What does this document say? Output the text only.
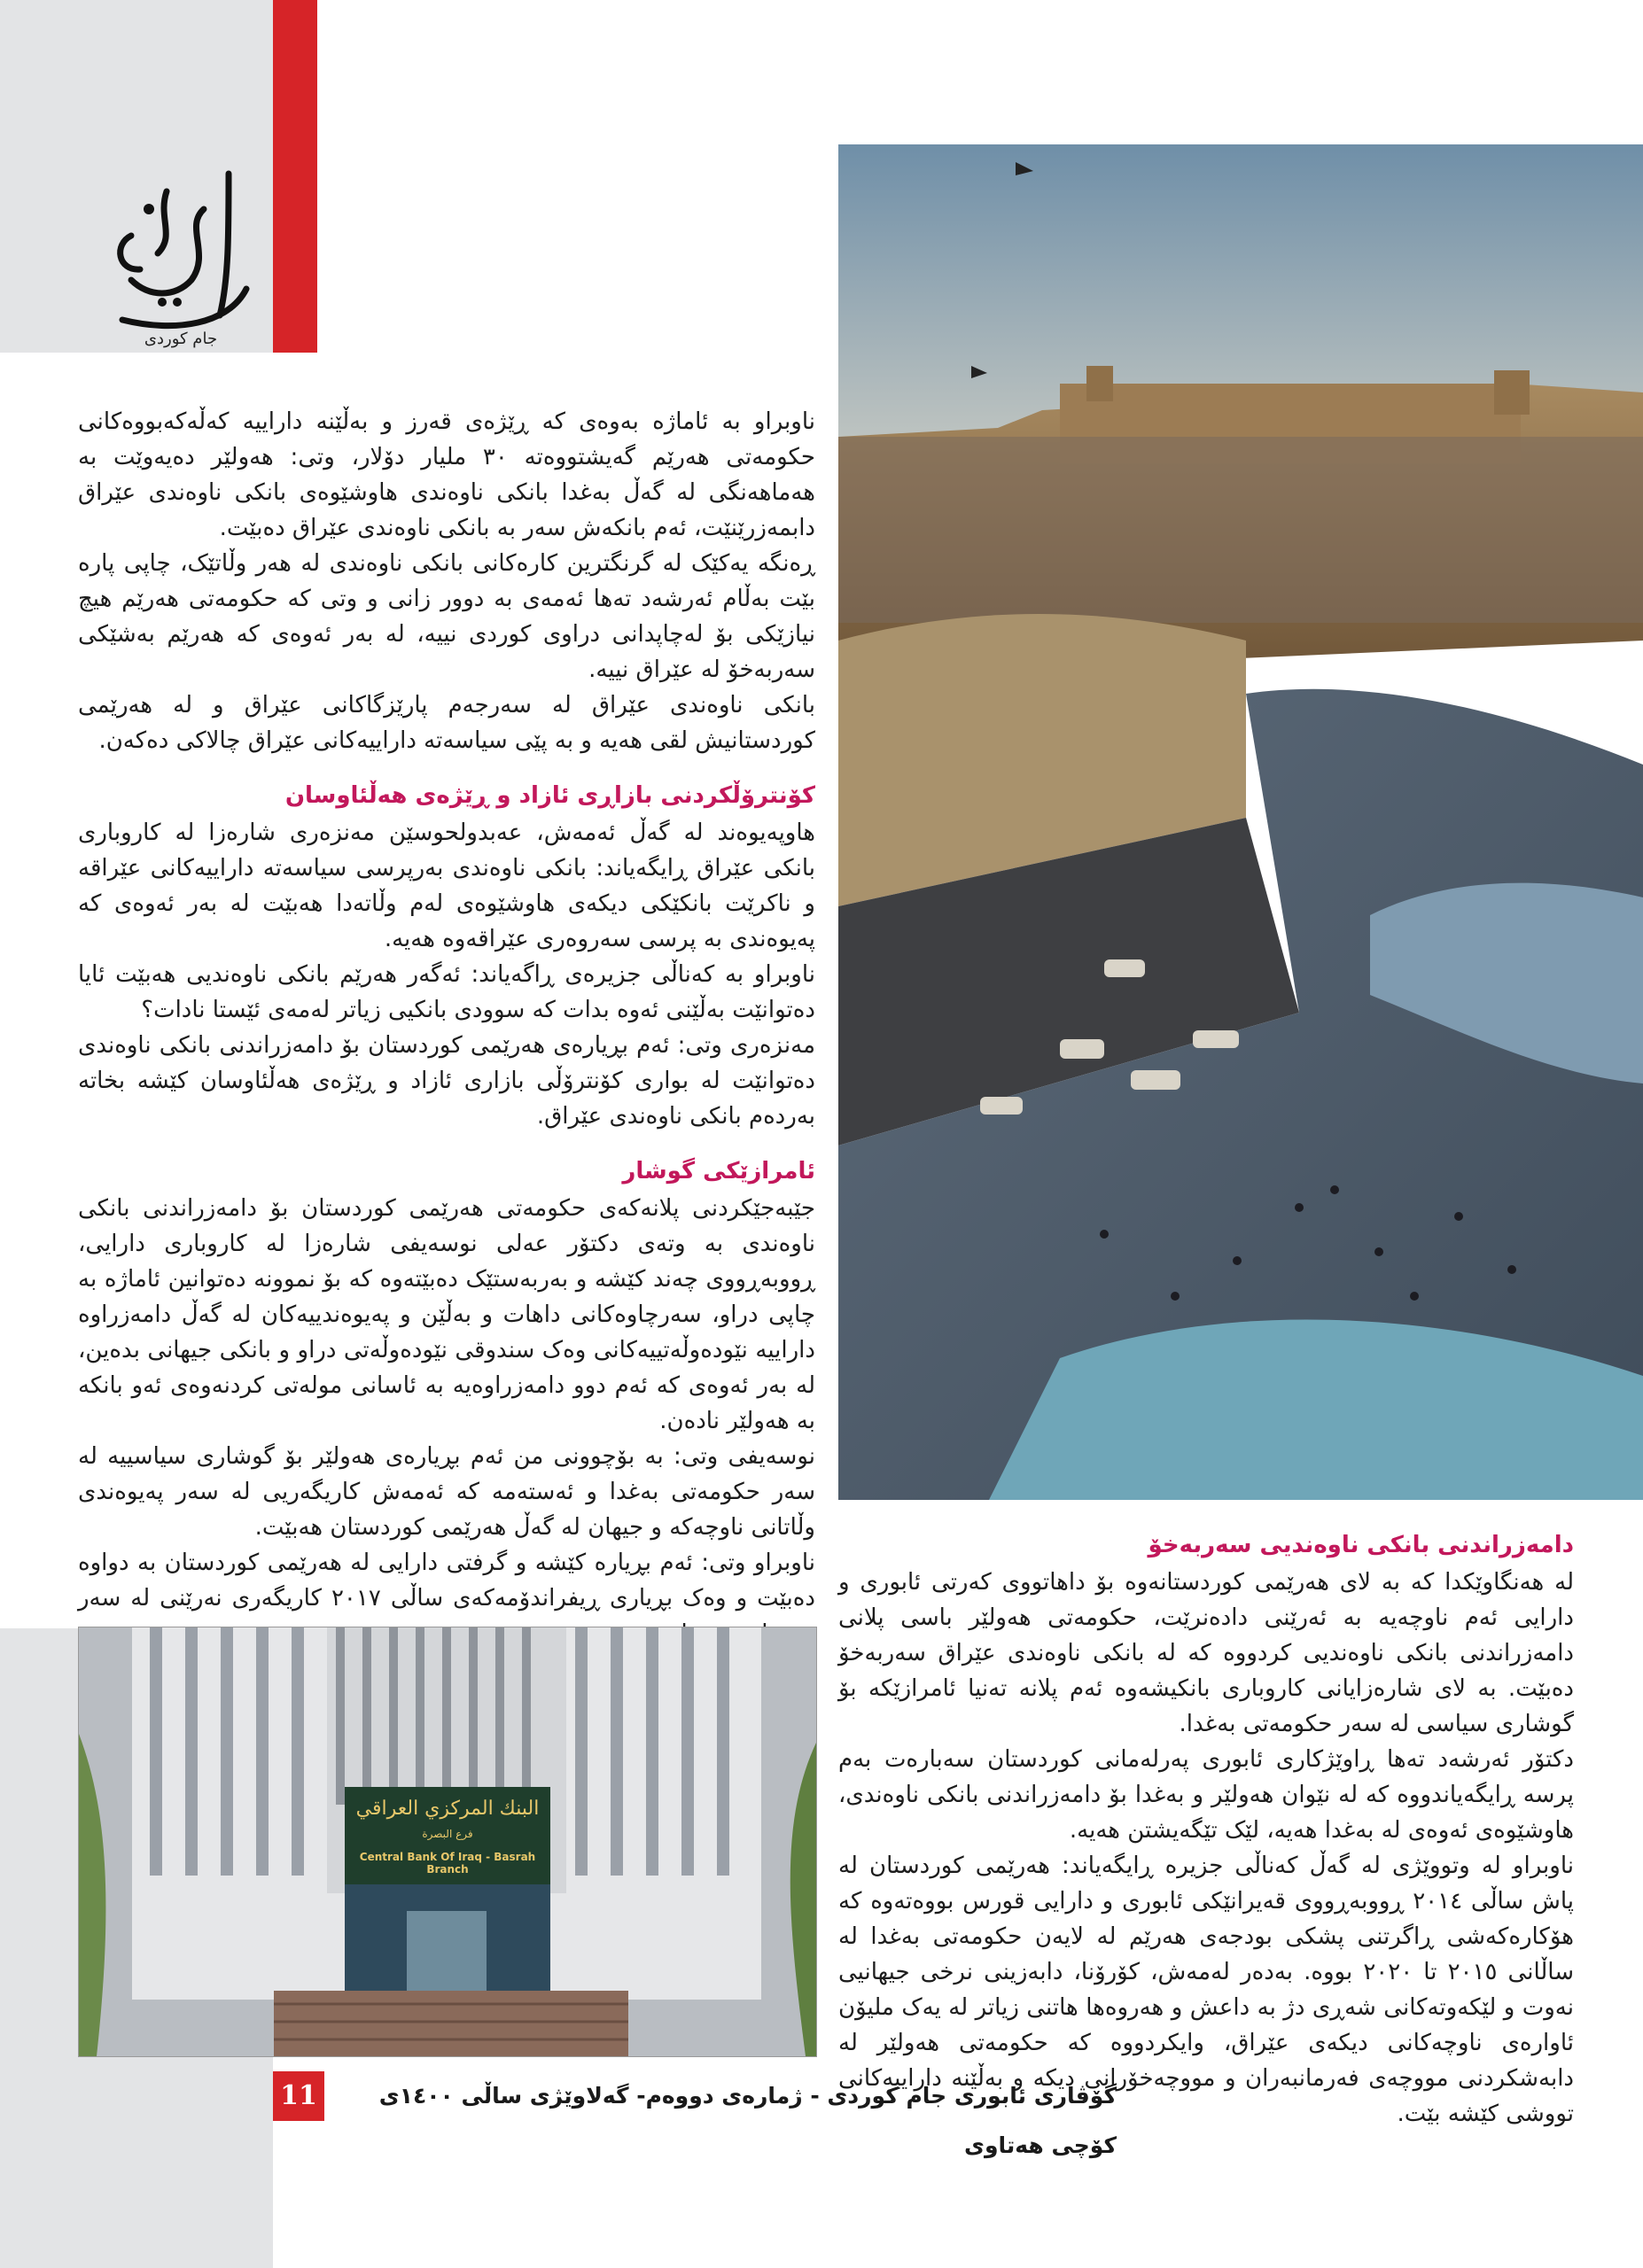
جام کوردی

ناوبراو بە ئاماژە بەوەی کە ڕێژەی قەرز و بەڵێنە داراییە کەڵەکەبووەکانی حکومەتی هەرێم گەیشتووەتە ٣٠ ملیار دۆلار، وتی: هەولێر دەیەوێت بە هەماهەنگی لە گەڵ بەغدا بانکی ناوەندی هاوشێوەی بانکی ناوەندی عێراق دابمەزرێنێت، ئەم بانکەش سەر بە بانکی ناوەندی عێراق دەبێت.

ڕەنگە یەکێک لە گرنگترین کارەکانی بانکی ناوەندی لە هەر وڵاتێک، چاپی پارە بێت بەڵام ئەرشەد تەها ئەمەی بە دوور زانی و وتی کە حکومەتی هەرێم هیچ نیازێکی بۆ لەچاپدانی دراوی کوردی نییە، لە بەر ئەوەی کە هەرێم بەشێکی سەربەخۆ لە عێراق نییە.

بانکی ناوەندی عێراق لە سەرجەم پارێزگاکانی عێراق و لە هەرێمی کوردستانیش لقی هەیە و بە پێی سیاسەتە داراییەکانی عێراق چالاکی دەکەن.

کۆنترۆڵکردنی بازاڕی ئازاد و ڕێژەی هەڵئاوسان

هاوپەیوەند لە گەڵ ئەمەش، عەبدولحوسێن مەنزەری شارەزا لە کاروباری بانکی عێراق ڕایگەیاند: بانکی ناوەندی بەرپرسی سیاسەتە داراییەکانی عێراقە و ناکرێت بانکێکی دیکەی هاوشێوەی لەم وڵاتەدا هەبێت لە بەر ئەوەی کە پەیوەندی بە پرسی سەروەری عێراقەوە هەیە.

ناوبراو بە کەناڵی جزیرەی ڕاگەیاند: ئەگەر هەرێم بانکی ناوەندیی هەبێت ئایا دەتوانێت بەڵێنی ئەوە بدات کە سوودی بانکیی زیاتر لەمەی ئێستا نادات؟

مەنزەری وتی: ئەم بڕیارەی هەرێمی کوردستان بۆ دامەزراندنی بانکی ناوەندی دەتوانێت لە بواری کۆنترۆڵی بازاری ئازاد و ڕێژەی هەڵئاوسان کێشە بخاتە بەردەم بانکی ناوەندی عێراق.

ئامرازێکی گوشار

جێبەجێکردنی پلانەکەی حکومەتی هەرێمی کوردستان بۆ دامەزراندنی بانکی ناوەندی بە وتەی دکتۆر عەلی نوسەیفی شارەزا لە کاروباری دارایی، ڕووبەڕووی چەند کێشە و بەربەستێک دەبێتەوە کە بۆ نموونە دەتوانین ئاماژە بە چاپی دراو، سەرچاوەکانی داهات و بەڵێن و پەیوەندییەکان لە گەڵ دامەزراوە داراییە نێودەوڵەتییەکانی وەک سندوقی نێودەوڵەتی دراو و بانکی جیهانی بدەین، لە بەر ئەوەی کە ئەم دوو دامەزراوەیە بە ئاسانی مولەتی کردنەوەی ئەو بانکە بە هەولێر نادەن.

نوسەیفی وتی: بە بۆچوونی من ئەم بڕیارەی هەولێر بۆ گوشاری سیاسییە لە سەر حکومەتی بەغدا و ئەستەمە کە ئەمەش کاریگەریی لە سەر پەیوەندی وڵاتانی ناوچەکە و جیهان لە گەڵ هەرێمی کوردستان هەبێت.

ناوبراو وتی: ئەم بڕیارە کێشە و گرفتی دارایی لە هەرێمی کوردستان بە دواوە دەبێت و وەک بڕیاری ڕیفراندۆمەکەی ساڵی ٢٠١٧ کاریگەری نەرێنی لە سەر

البنك المركزي العراقي
فرع البصرة
Central Bank Of Iraq - Basrah Branch
دامەزراندنی بانکی ناوەندیی سەربەخۆ

لە هەنگاوێکدا کە بە لای هەرێمی کوردستانەوە بۆ داهاتووی کەرتی ئابوری و دارایی ئەم ناوچەیە بە ئەرێنی دادەنرێت، حکومەتی هەولێر باسی پلانی دامەزراندنی بانکی ناوەندیی کردووە کە لە بانکی ناوەندی عێراق سەربەخۆ دەبێت. بە لای شارەزایانی کاروباری بانکیشەوە ئەم پلانە تەنیا ئامرازێکە بۆ گوشاری سیاسی لە سەر حکومەتی بەغدا.

دکتۆر ئەرشەد تەها ڕاوێژکاری ئابوری پەرلەمانی کوردستان سەبارەت بەم پرسە ڕایگەیاندووە کە لە نێوان هەولێر و بەغدا بۆ دامەزراندنی بانکی ناوەندی، هاوشێوەی ئەوەی لە بەغدا هەیە، لێک تێگەیشتن هەیە.

ناوبراو لە وتووێژی لە گەڵ کەناڵی جزیرە ڕایگەیاند: هەرێمی کوردستان لە پاش ساڵی ٢٠١٤ ڕووبەڕووی قەیرانێکی ئابوری و دارایی قورس بووەتەوە کە هۆکارەکەشی ڕاگرتنی پشکی بودجەی هەرێم لە لایەن حکومەتی بەغدا لە ساڵانی ٢٠١٥ تا ٢٠٢٠ بووە. بەدەر لەمەش، کۆرۆنا، دابەزینی نرخی جیهانیی نەوت و لێکەوتەکانی شەڕی دژ بە داعش و هەروەها هاتنی زیاتر لە یەک ملیۆن ئاوارەی ناوچەکانی دیکەی عێراق، وایکردووە کە حکومەتی هەولێر لە دابەشکردنی مووچەی فەرمانبەران و مووچەخۆرانی دیکە و بەڵێنە داراییەکانی تووشی کێشە بێت.

11	گۆڤاری ئابوری جام کوردی - ژمارەی دووەم- گەلاوێژی ساڵی ١٤٠٠ی کۆچی هەتاوی
